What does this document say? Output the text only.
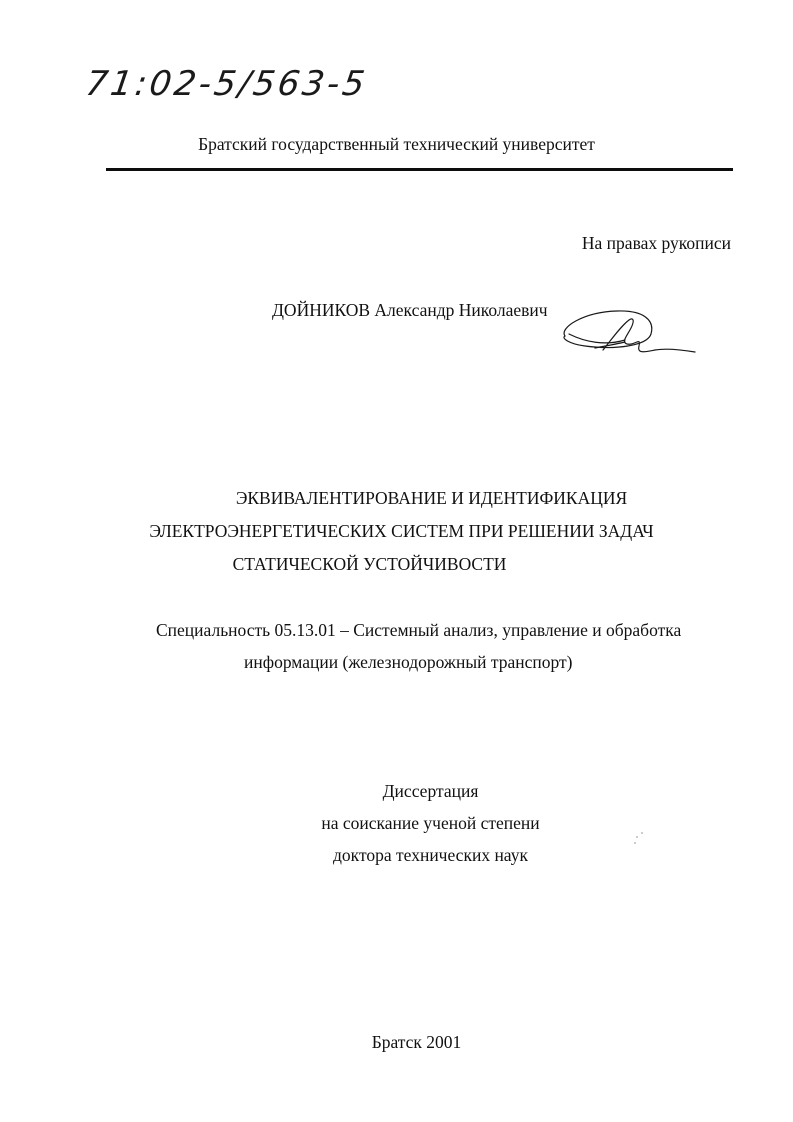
71:02-5/563-5
Братский государственный технический университет
На правах рукописи
ДОЙНИКОВ Александр Николаевич
ЭКВИВАЛЕНТИРОВАНИЕ И ИДЕНТИФИКАЦИЯ
ЭЛЕКТРОЭНЕРГЕТИЧЕСКИХ СИСТЕМ ПРИ РЕШЕНИИ ЗАДАЧ
СТАТИЧЕСКОЙ УСТОЙЧИВОСТИ
Специальность 05.13.01 – Системный анализ, управление и обработка
информации (железнодорожный транспорт)
Диссертация
на соискание ученой степени
доктора технических наук
Братск 2001
